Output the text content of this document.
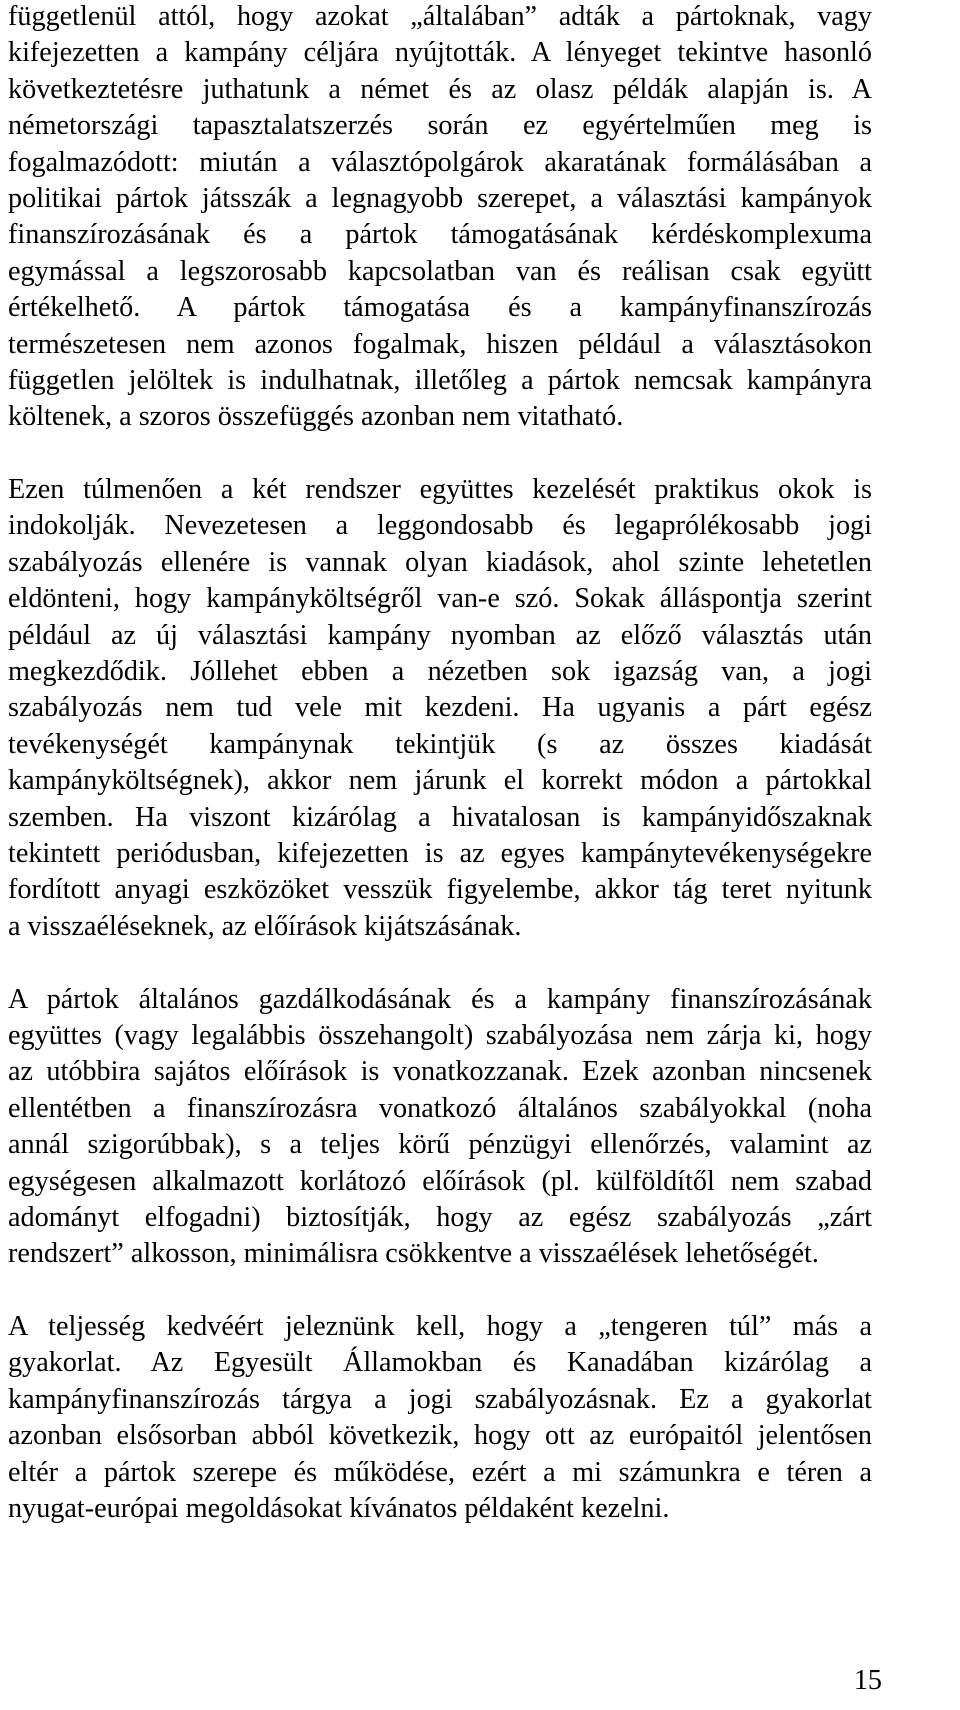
függetlenül attól, hogy azokat „általában” adták a pártoknak, vagy
kifejezetten a kampány céljára nyújtották. A lényeget tekintve hasonló
következtetésre juthatunk a német és az olasz példák alapján is. A
németországi tapasztalatszerzés során ez egyértelműen meg is
fogalmazódott: miután a választópolgárok akaratának formálásában a
politikai pártok játsszák a legnagyobb szerepet, a választási kampányok
finanszírozásának és a pártok támogatásának kérdéskomplexuma
egymással a legszorosabb kapcsolatban van és reálisan csak együtt
értékelhető. A pártok támogatása és a kampányfinanszírozás
természetesen nem azonos fogalmak, hiszen például a választásokon
független jelöltek is indulhatnak, illetőleg a pártok nemcsak kampányra
költenek, a szoros összefüggés azonban nem vitatható.
Ezen túlmenően a két rendszer együttes kezelését praktikus okok is
indokolják. Nevezetesen a leggondosabb és legaprólékosabb jogi
szabályozás ellenére is vannak olyan kiadások, ahol szinte lehetetlen
eldönteni, hogy kampányköltségről van-e szó. Sokak álláspontja szerint
például az új választási kampány nyomban az előző választás után
megkezdődik. Jóllehet ebben a nézetben sok igazság van, a jogi
szabályozás nem tud vele mit kezdeni. Ha ugyanis a párt egész
tevékenységét kampánynak tekintjük (s az összes kiadását
kampányköltségnek), akkor nem járunk el korrekt módon a pártokkal
szemben. Ha viszont kizárólag a hivatalosan is kampányidőszaknak
tekintett periódusban, kifejezetten is az egyes kampánytevékenységekre
fordított anyagi eszközöket vesszük figyelembe, akkor tág teret nyitunk
a visszaéléseknek, az előírások kijátszásának.
A pártok általános gazdálkodásának és a kampány finanszírozásának
együttes (vagy legalábbis összehangolt) szabályozása nem zárja ki, hogy
az utóbbira sajátos előírások is vonatkozzanak. Ezek azonban nincsenek
ellentétben a finanszírozásra vonatkozó általános szabályokkal (noha
annál szigorúbbak), s a teljes körű pénzügyi ellenőrzés, valamint az
egységesen alkalmazott korlátozó előírások (pl. külföldítől nem szabad
adományt elfogadni) biztosítják, hogy az egész szabályozás „zárt
rendszert” alkosson, minimálisra csökkentve a visszaélések lehetőségét.
A teljesség kedvéért jeleznünk kell, hogy a „tengeren túl” más a
gyakorlat. Az Egyesült Államokban és Kanadában kizárólag a
kampányfinanszírozás tárgya a jogi szabályozásnak. Ez a gyakorlat
azonban elsősorban abból következik, hogy ott az európaitól jelentősen
eltér a pártok szerepe és működése, ezért a mi számunkra e téren a
nyugat-európai megoldásokat kívánatos példaként kezelni.
15
